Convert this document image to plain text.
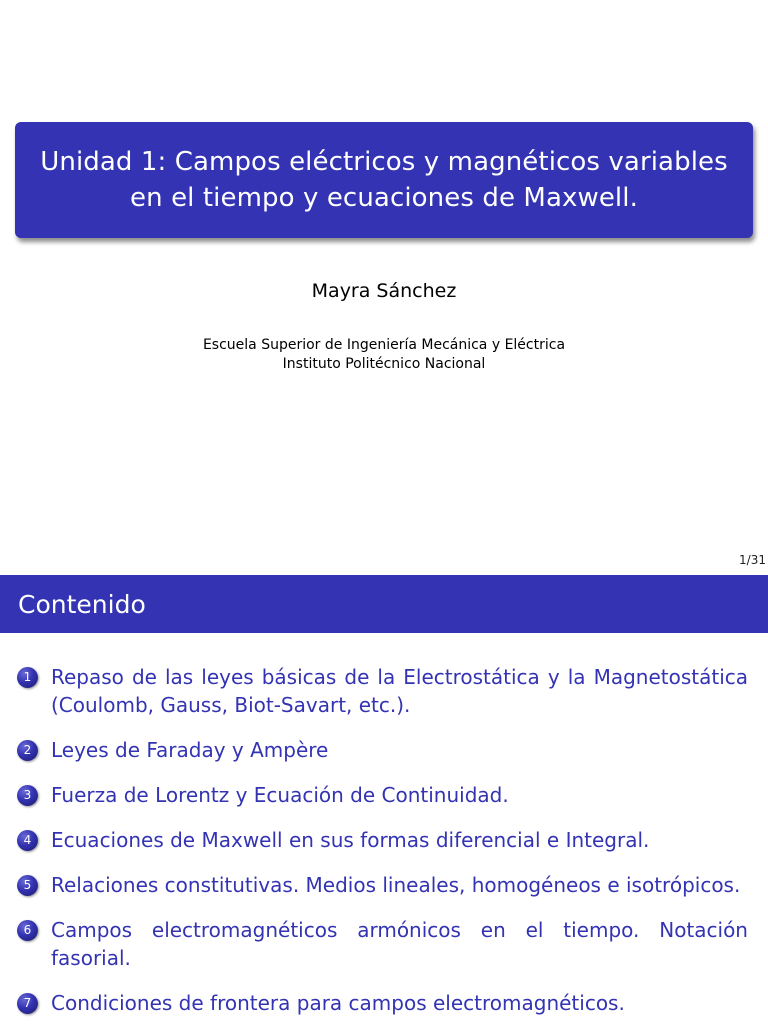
Unidad 1: Campos eléctricos y magnéticos variables en el tiempo y ecuaciones de Maxwell.
Mayra Sánchez
Escuela Superior de Ingeniería Mecánica y Eléctrica
Instituto Politécnico Nacional
1/31
Contenido
1 Repaso de las leyes básicas de la Electrostática y la Magnetostática (Coulomb, Gauss, Biot-Savart, etc.).
2 Leyes de Faraday y Ampère
3 Fuerza de Lorentz y Ecuación de Continuidad.
4 Ecuaciones de Maxwell en sus formas diferencial e Integral.
5 Relaciones constitutivas. Medios lineales, homogéneos e isotrópicos.
6 Campos electromagnéticos armónicos en el tiempo. Notación fasorial.
7 Condiciones de frontera para campos electromagnéticos.
